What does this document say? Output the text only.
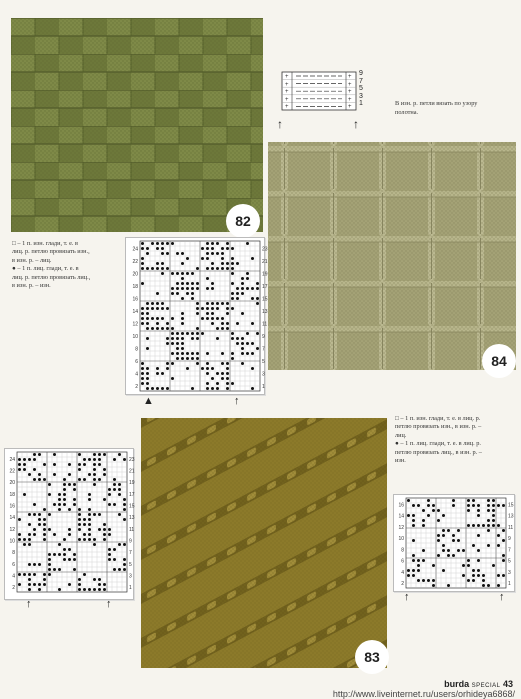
82
+
+
+
+
+
+
+
+
+
+
9
7
5
3
1
↑	↑
В изн. р. петли вязать по узору
полотна.
84
□ – 1 п. изн. глади, т. е. в
лиц. р. петлю провязать изн.,
в изн. р. – лиц.
● – 1 п. лиц. глади, т. е. в
лиц. р. петлю провязать лиц.,
в изн. р. – изн.
24
22
20
18
16
14
12
10
8
6
4
2
23
21
19
17
15
13
11
9
7
5
3
1
▲	↑
24
22
20
18
16
14
12
10
8
6
4
2
23
21
19
17
15
13
11
9
7
5
3
1
↑	↑
83
□ – 1 п. изн. глади, т. е. в лиц. р.
петлю провязать изн., в изн. р. –
лиц.
● – 1 п. лиц. глади, т. е. в лиц. р.
петлю провязать лиц., в изн. р. –
изн.
16
14
12
10
8
6
4
2
15
13
11
9
7
5
3
1
↑	↑
burda SPECIAL 43
http://www.liveinternet.ru/users/orhideya6868/
